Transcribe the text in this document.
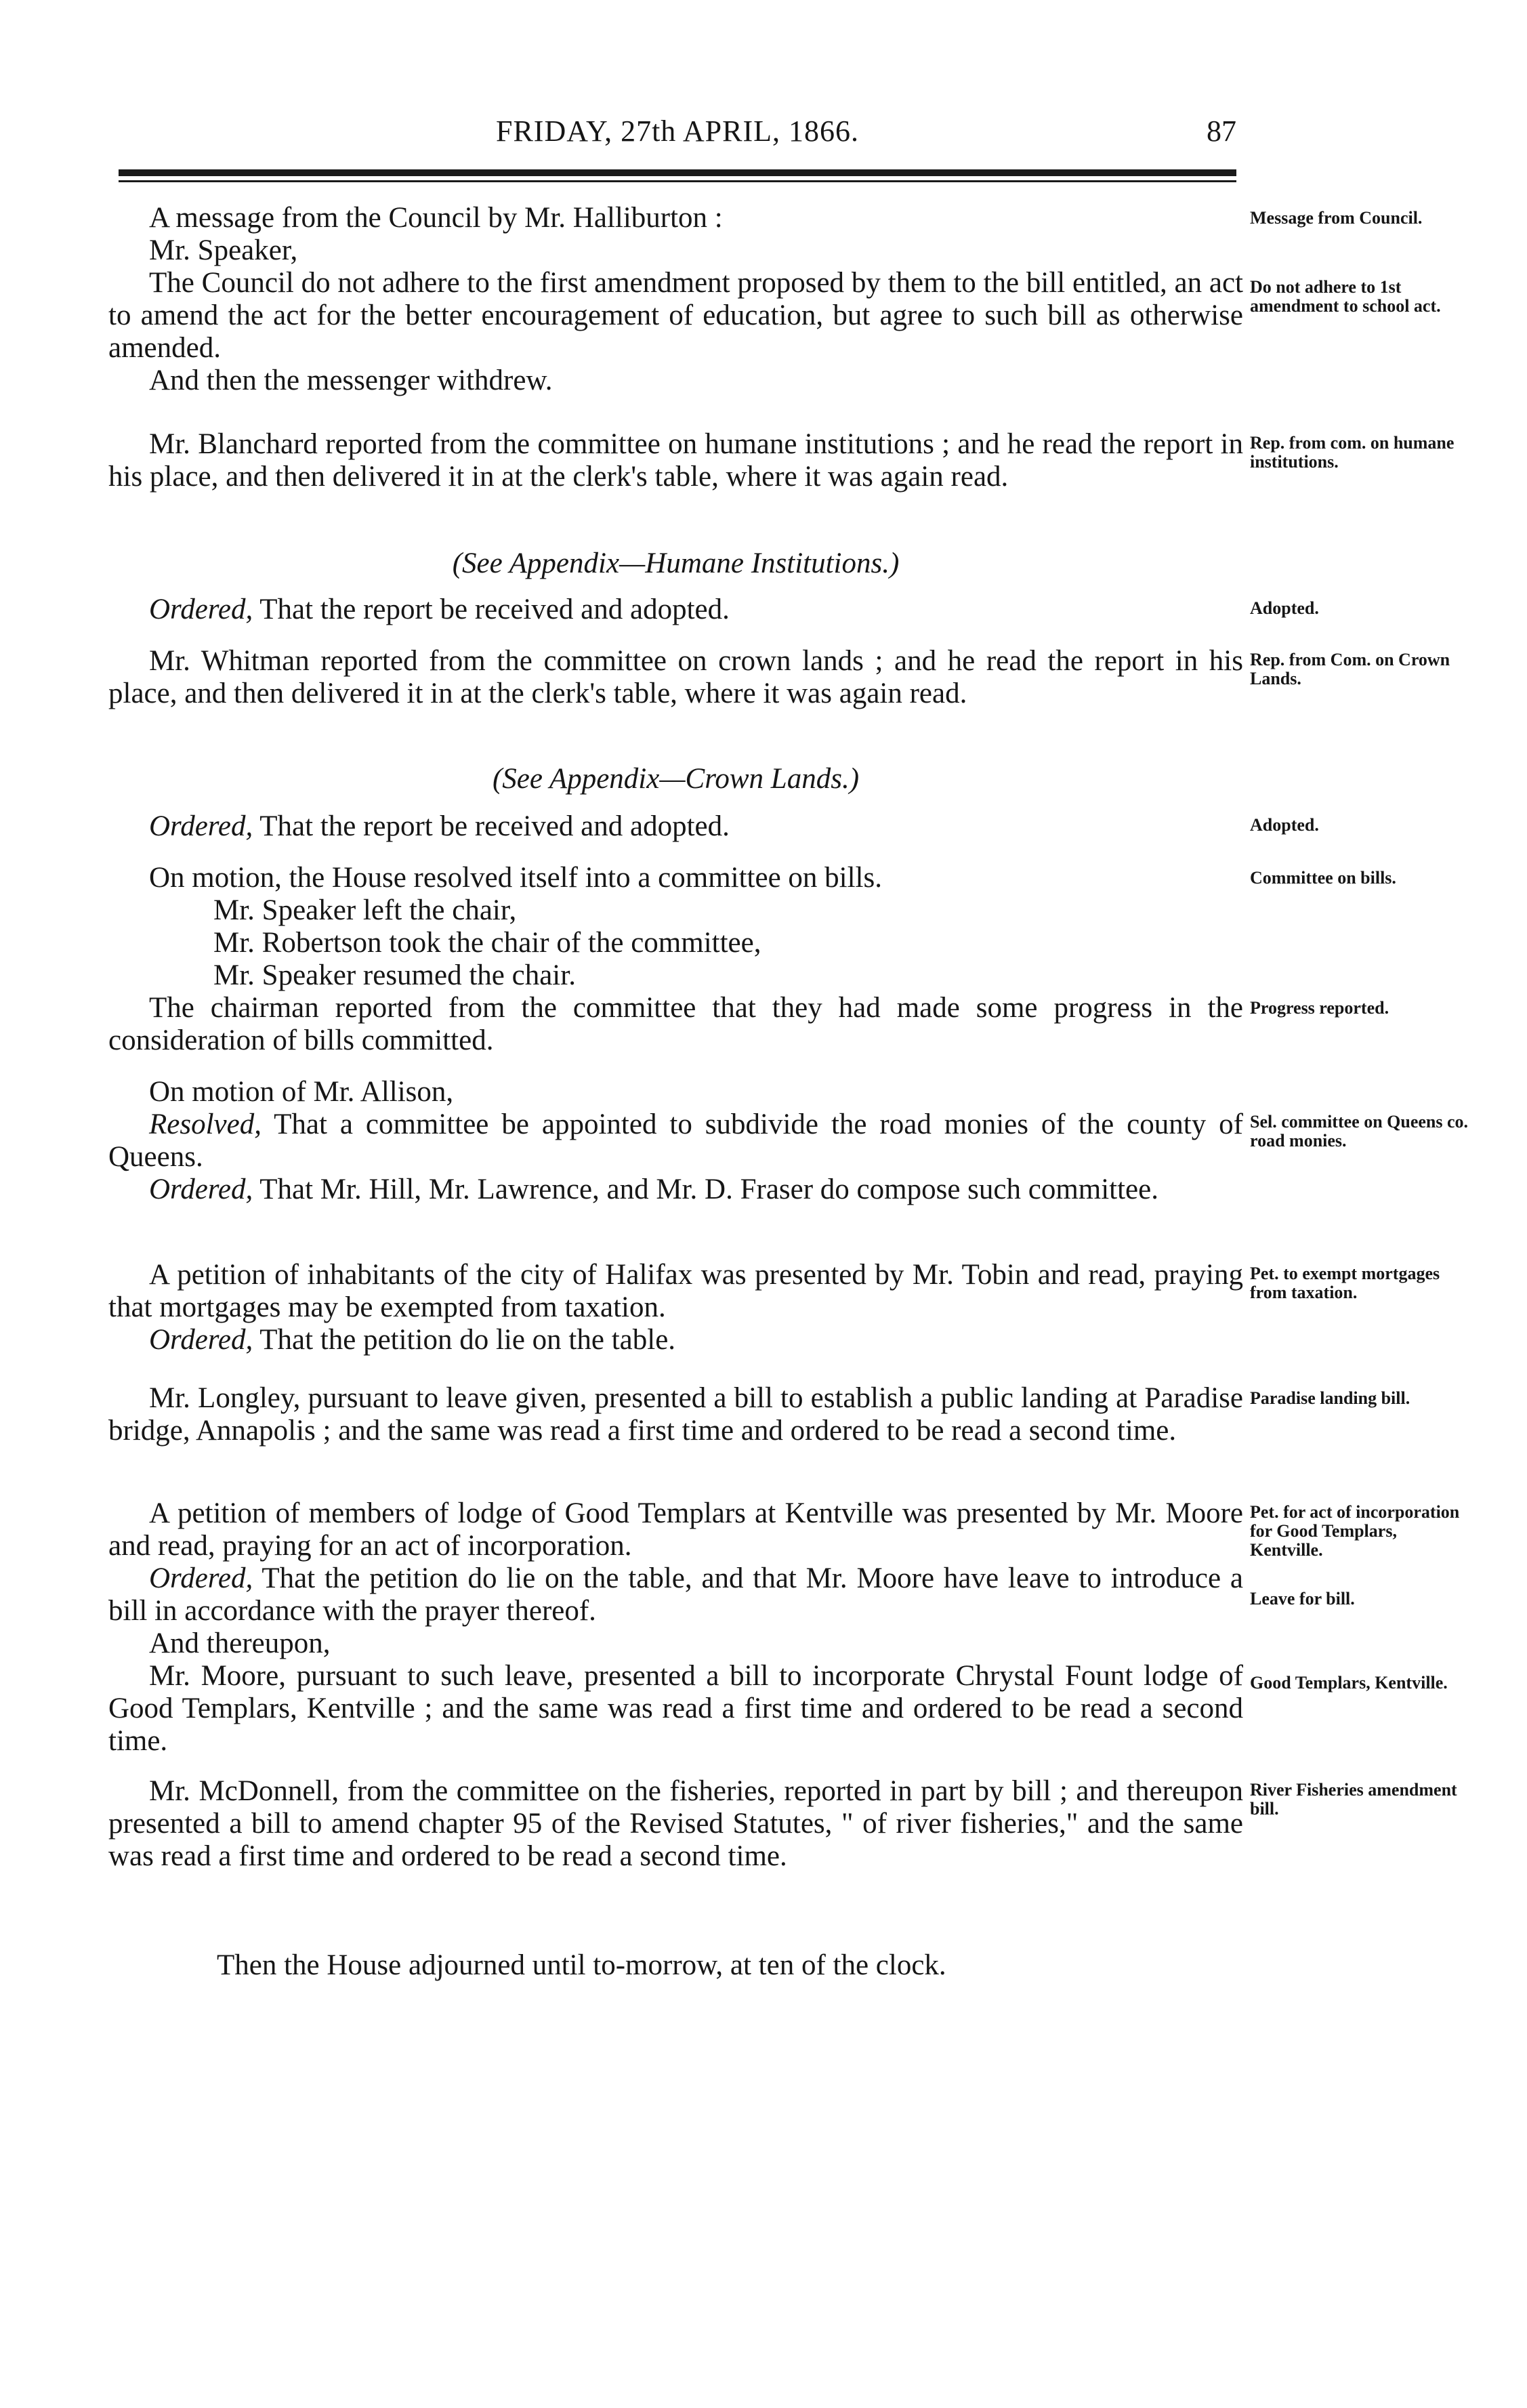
FRIDAY, 27th APRIL, 1866.	87

A message from the Council by Mr. Halliburton :

Mr. Speaker,

The Council do not adhere to the first amendment proposed by them to the bill entitled, an act to amend the act for the better encouragement of education, but agree to such bill as otherwise amended.

And then the messenger withdrew.

Mr. Blanchard reported from the committee on humane institutions ; and he read the report in his place, and then delivered it in at the clerk's table, where it was again read.

(See Appendix—Humane Institutions.)

Ordered, That the report be received and adopted.

Mr. Whitman reported from the committee on crown lands ; and he read the report in his place, and then delivered it in at the clerk's table, where it was again read.

(See Appendix—Crown Lands.)

Ordered, That the report be received and adopted.

On motion, the House resolved itself into a committee on bills.

Mr. Speaker left the chair,

Mr. Robertson took the chair of the committee,

Mr. Speaker resumed the chair.

The chairman reported from the committee that they had made some progress in the consideration of bills committed.

On motion of Mr. Allison,

Resolved, That a committee be appointed to subdivide the road monies of the county of Queens.

Ordered, That Mr. Hill, Mr. Lawrence, and Mr. D. Fraser do compose such committee.

A petition of inhabitants of the city of Halifax was presented by Mr. Tobin and read, praying that mortgages may be exempted from taxation.

Ordered, That the petition do lie on the table.

Mr. Longley, pursuant to leave given, presented a bill to establish a public landing at Paradise bridge, Annapolis ; and the same was read a first time and ordered to be read a second time.

A petition of members of lodge of Good Templars at Kentville was presented by Mr. Moore and read, praying for an act of incorporation.

Ordered, That the petition do lie on the table, and that Mr. Moore have leave to introduce a bill in accordance with the prayer thereof.

And thereupon,

Mr. Moore, pursuant to such leave, presented a bill to incorporate Chrystal Fount lodge of Good Templars, Kentville ; and the same was read a first time and ordered to be read a second time.

Mr. McDonnell, from the committee on the fisheries, reported in part by bill ; and thereupon presented a bill to amend chapter 95 of the Revised Statutes, " of river fisheries," and the same was read a first time and ordered to be read a second time.

Then the House adjourned until to-morrow, at ten of the clock.
Message from Council.
Do not adhere to 1st amendment to school act.
Rep. from com. on humane institutions.
Adopted.
Rep. from Com. on Crown Lands.
Adopted.
Committee on bills.
Progress reported.
Sel. committee on Queens co. road monies.
Pet. to exempt mortgages from taxation.
Paradise landing bill.
Pet. for act of incorporation for Good Templars, Kentville.
Leave for bill.
Good Templars, Kentville.
River Fisheries amendment bill.
